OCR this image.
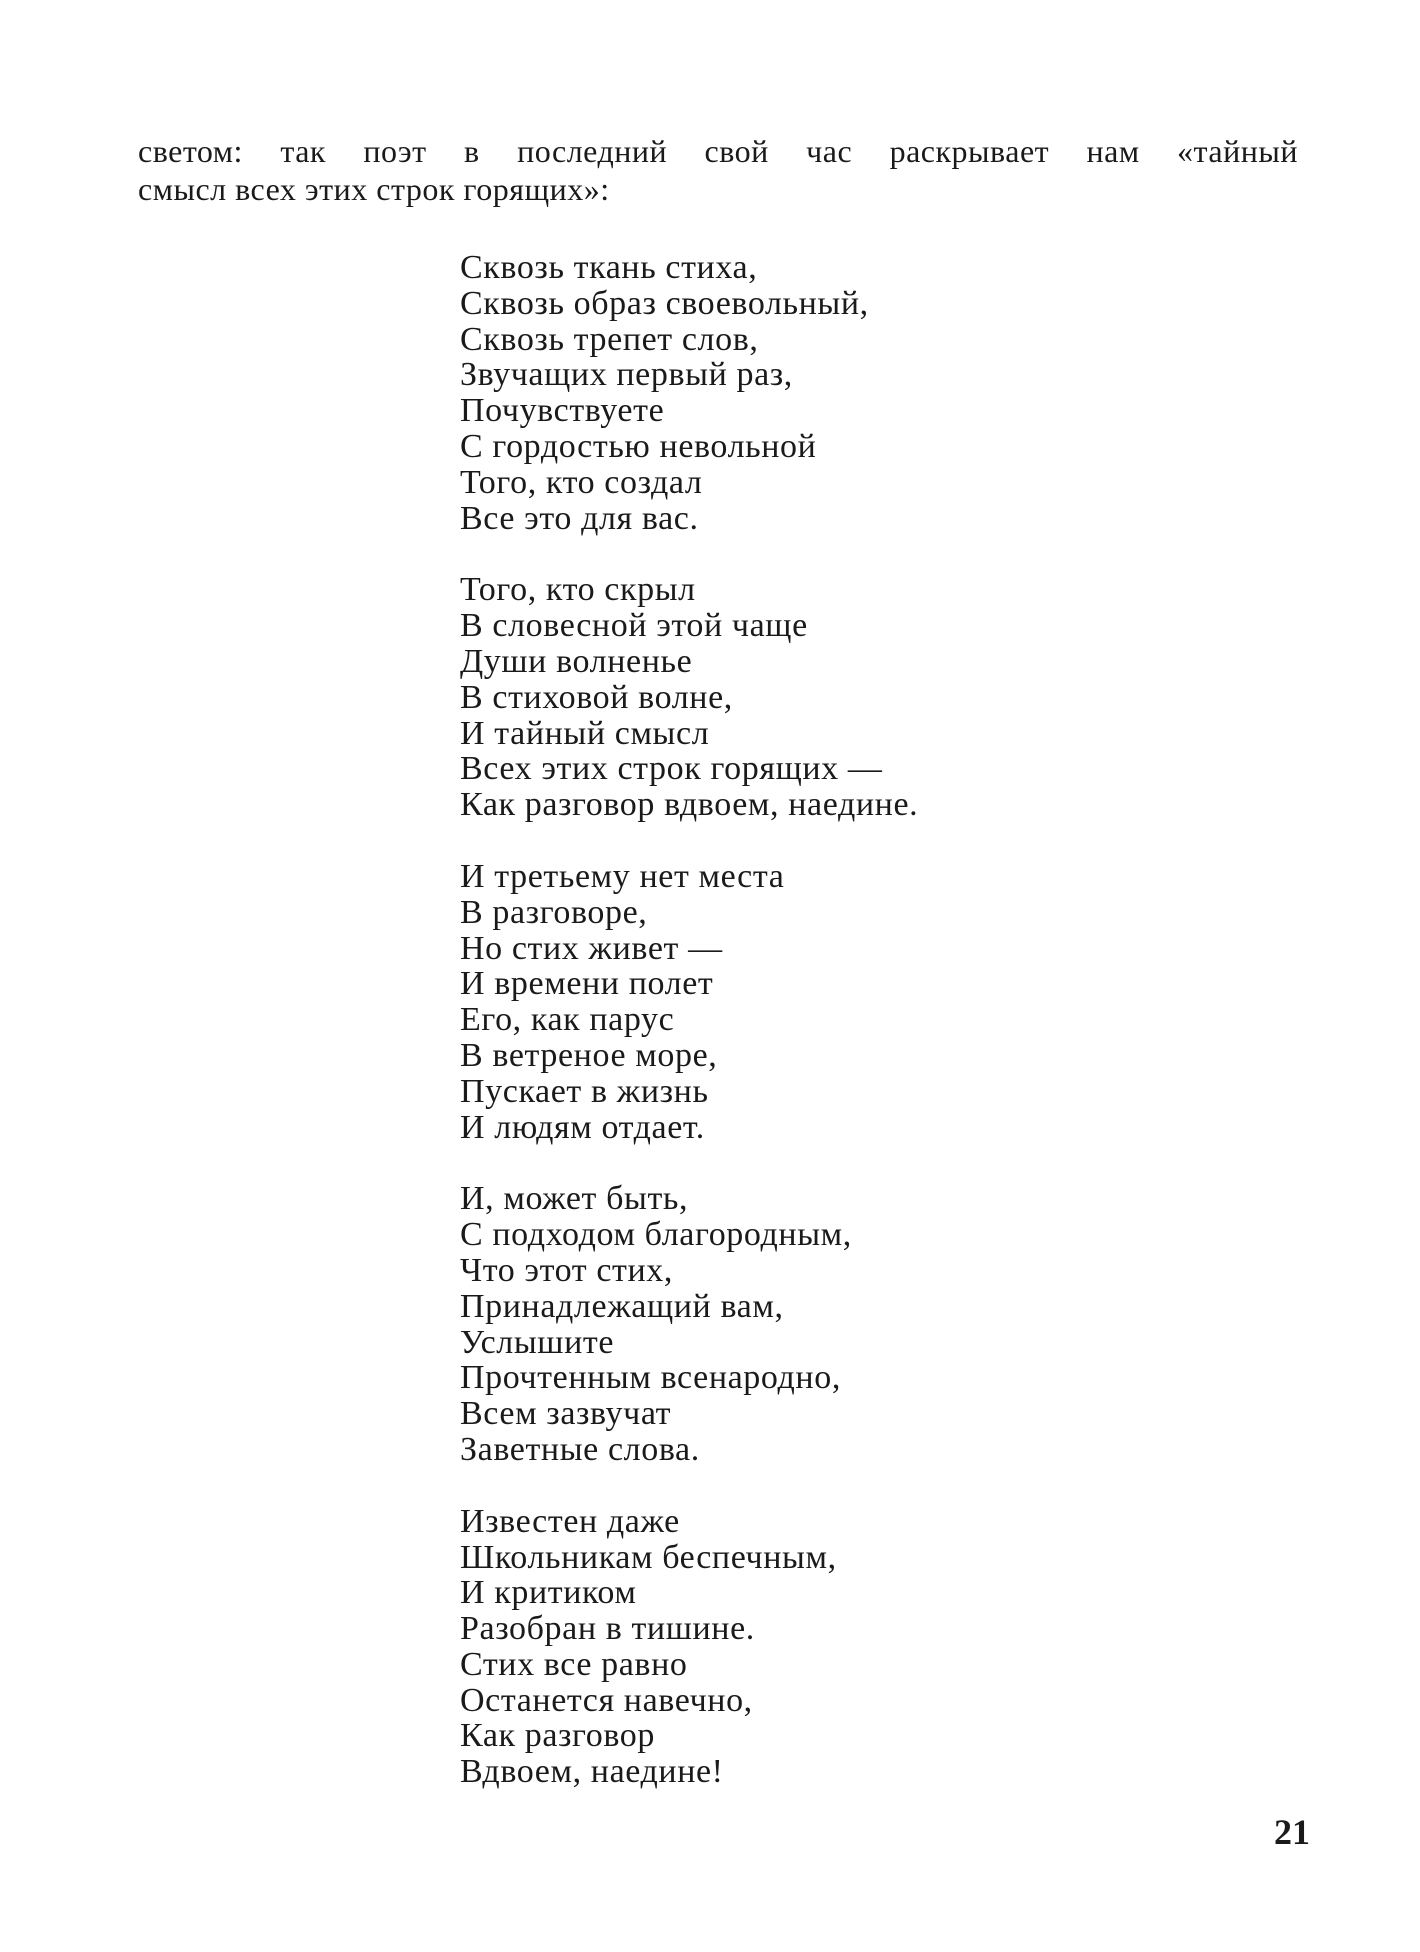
светом: так поэт в последний свой час раскрывает нам «тайный
смысл всех этих строк горящих»:
Сквозь ткань стиха,
Сквозь образ своевольный,
Сквозь трепет слов,
Звучащих первый раз,
Почувствуете
С гордостью невольной
Того, кто создал
Все это для вас.
Того, кто скрыл
В словесной этой чаще
Души волненье
В стиховой волне,
И тайный смысл
Всех этих строк горящих —
Как разговор вдвоем, наедине.
И третьему нет места
В разговоре,
Но стих живет —
И времени полет
Его, как парус
В ветреное море,
Пускает в жизнь
И людям отдает.
И, может быть,
С подходом благородным,
Что этот стих,
Принадлежащий вам,
Услышите
Прочтенным всенародно,
Всем зазвучат
Заветные слова.
Известен даже
Школьникам беспечным,
И критиком
Разобран в тишине.
Стих все равно
Останется навечно,
Как разговор
Вдвоем, наедине!
21
